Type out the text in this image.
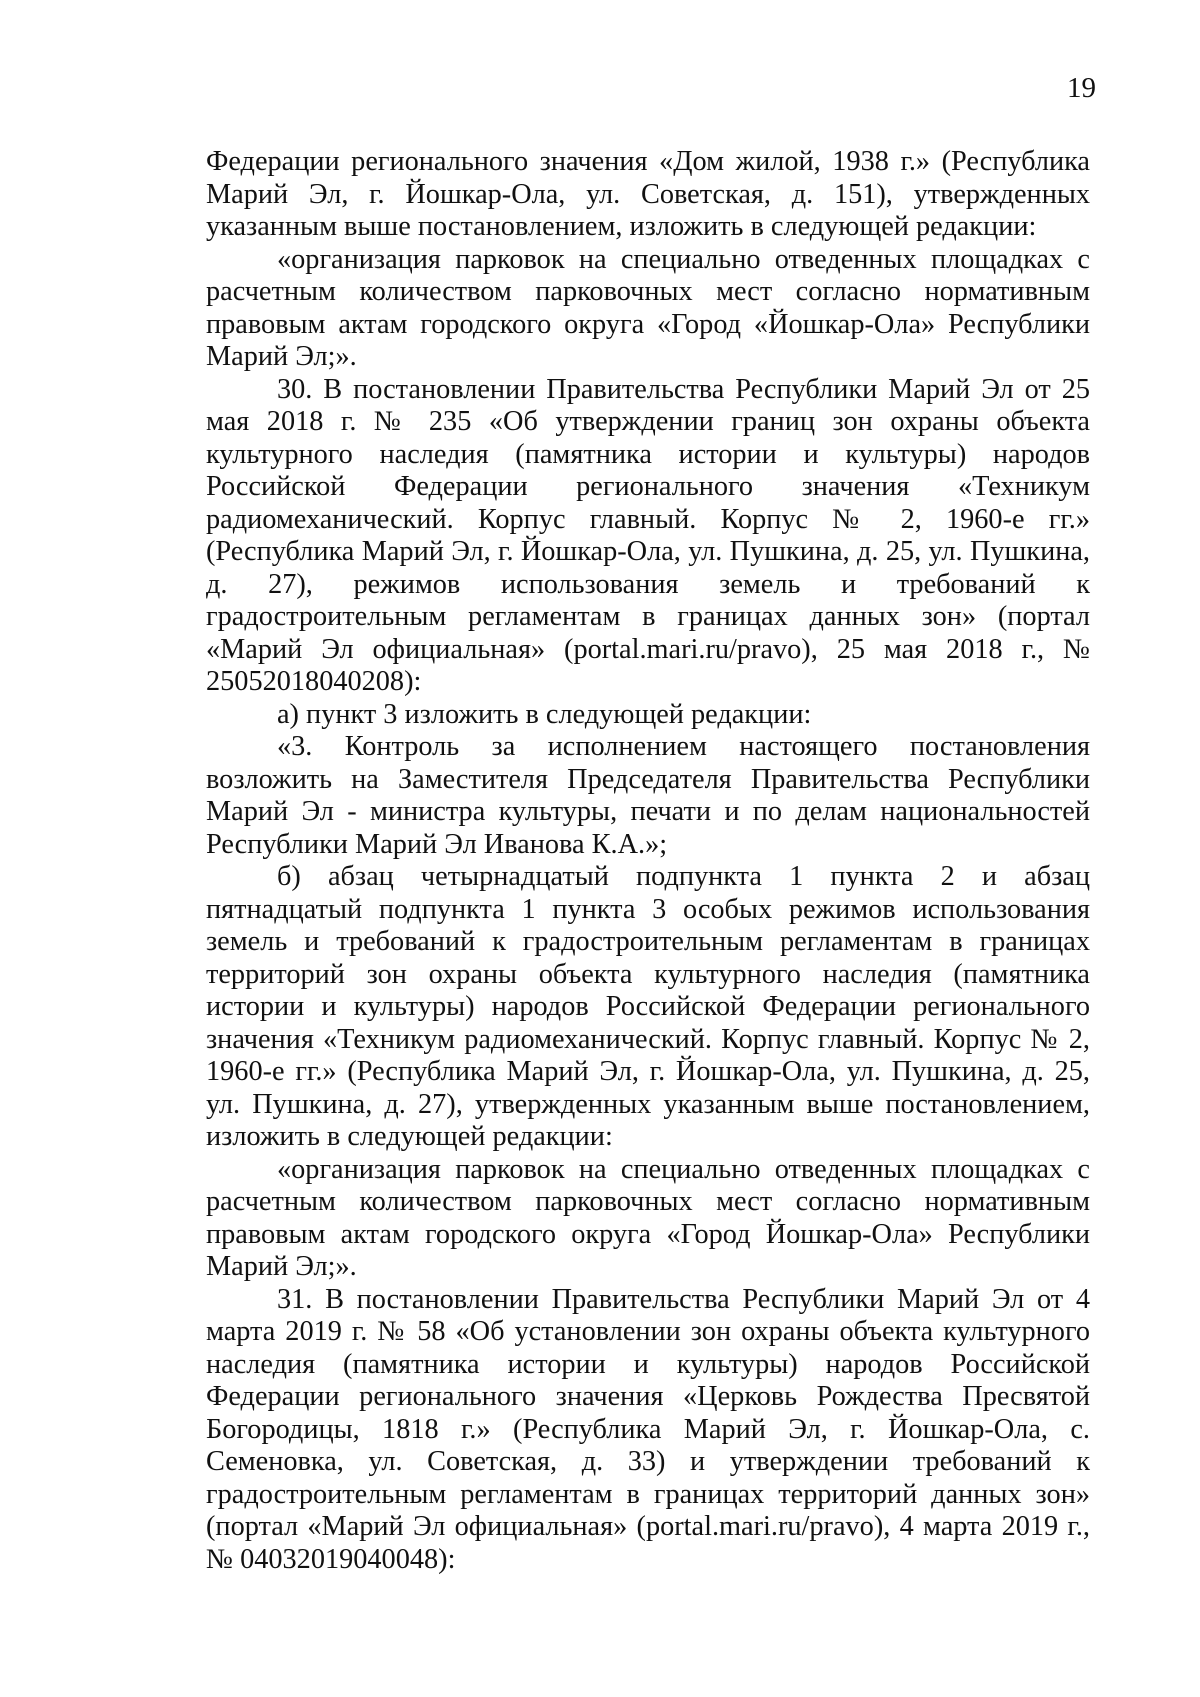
19

Федерации регионального значения «Дом жилой, 1938 г.» (Республика Марий Эл, г. Йошкар-Ола, ул. Советская, д. 151), утвержденных указанным выше постановлением, изложить в следующей редакции:

«организация парковок на специально отведенных площадках с расчетным количеством парковочных мест согласно нормативным правовым актам городского округа «Город «Йошкар-Ола» Республики Марий Эл;».

30. В постановлении Правительства Республики Марий Эл от 25 мая 2018 г. № 235 «Об утверждении границ зон охраны объекта культурного наследия (памятника истории и культуры) народов Российской Федерации регионального значения «Техникум радиомеханический. Корпус главный. Корпус № 2, 1960-е гг.» (Республика Марий Эл, г. Йошкар-Ола, ул. Пушкина, д. 25, ул. Пушкина, д. 27), режимов использования земель и требований к градостроительным регламентам в границах данных зон» (портал «Марий Эл официальная» (portal.mari.ru/pravo), 25 мая 2018 г., № 25052018040208):

а) пункт 3 изложить в следующей редакции:

«3. Контроль за исполнением настоящего постановления возложить на Заместителя Председателя Правительства Республики Марий Эл - министра культуры, печати и по делам национальностей Республики Марий Эл Иванова К.А.»;

б) абзац четырнадцатый подпункта 1 пункта 2 и абзац пятнадцатый подпункта 1 пункта 3 особых режимов использования земель и требований к градостроительным регламентам в границах территорий зон охраны объекта культурного наследия (памятника истории и культуры) народов Российской Федерации регионального значения «Техникум радиомеханический. Корпус главный. Корпус № 2, 1960-е гг.» (Республика Марий Эл, г. Йошкар-Ола, ул. Пушкина, д. 25, ул. Пушкина, д. 27), утвержденных указанным выше постановлением, изложить в следующей редакции:

«организация парковок на специально отведенных площадках с расчетным количеством парковочных мест согласно нормативным правовым актам городского округа «Город Йошкар-Ола» Республики Марий Эл;».

31. В постановлении Правительства Республики Марий Эл от 4 марта 2019 г. № 58 «Об установлении зон охраны объекта культурного наследия (памятника истории и культуры) народов Российской Федерации регионального значения «Церковь Рождества Пресвятой Богородицы, 1818 г.» (Республика Марий Эл, г. Йошкар-Ола, с. Семеновка, ул. Советская, д. 33) и утверждении требований к градостроительным регламентам в границах территорий данных зон» (портал «Марий Эл официальная» (portal.mari.ru/pravo), 4 марта 2019 г., № 04032019040048):
